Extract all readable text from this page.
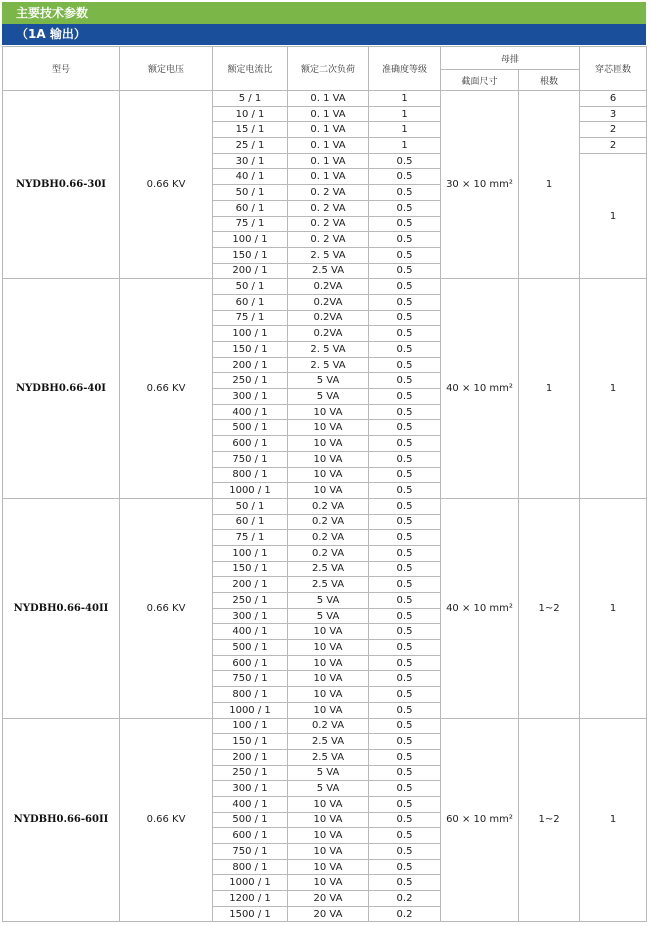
主要技术参数
（1A 输出）
型号	额定电压	额定电流比	额定二次负荷	准确度等级	母排		穿芯匝数
					截面尺寸	根数	
NYDBH0.66-30I	0.66 KV	5 / 1	0. 1 VA	1	30 × 10 mm²	1	6
		10 / 1	0. 1 VA	1			3
		15 / 1	0. 1 VA	1			2
		25 / 1	0. 1 VA	1			2
		30 / 1	0. 1 VA	0.5			1
		40 / 1	0. 1 VA	0.5			
		50 / 1	0. 2 VA	0.5			
		60 / 1	0. 2 VA	0.5			
		75 / 1	0. 2 VA	0.5			
		100 / 1	0. 2 VA	0.5			
		150 / 1	2. 5 VA	0.5			
		200 / 1	2.5 VA	0.5			
NYDBH0.66-40I	0.66 KV	50 / 1	0.2VA	0.5	40 × 10 mm²	1	1
		60 / 1	0.2VA	0.5			
		75 / 1	0.2VA	0.5			
		100 / 1	0.2VA	0.5			
		150 / 1	2. 5 VA	0.5			
		200 / 1	2. 5 VA	0.5			
		250 / 1	5 VA	0.5			
		300 / 1	5 VA	0.5			
		400 / 1	10 VA	0.5			
		500 / 1	10 VA	0.5			
		600 / 1	10 VA	0.5			
		750 / 1	10 VA	0.5			
		800 / 1	10 VA	0.5			
		1000 / 1	10 VA	0.5			
NYDBH0.66-40II	0.66 KV	50 / 1	0.2 VA	0.5	40 × 10 mm²	1~2	1
		60 / 1	0.2 VA	0.5			
		75 / 1	0.2 VA	0.5			
		100 / 1	0.2 VA	0.5			
		150 / 1	2.5 VA	0.5			
		200 / 1	2.5 VA	0.5			
		250 / 1	5 VA	0.5			
		300 / 1	5 VA	0.5			
		400 / 1	10 VA	0.5			
		500 / 1	10 VA	0.5			
		600 / 1	10 VA	0.5			
		750 / 1	10 VA	0.5			
		800 / 1	10 VA	0.5			
		1000 / 1	10 VA	0.5			
NYDBH0.66-60II	0.66 KV	100 / 1	0.2 VA	0.5	60 × 10 mm²	1~2	1
		150 / 1	2.5 VA	0.5			
		200 / 1	2.5 VA	0.5			
		250 / 1	5 VA	0.5			
		300 / 1	5 VA	0.5			
		400 / 1	10 VA	0.5			
		500 / 1	10 VA	0.5			
		600 / 1	10 VA	0.5			
		750 / 1	10 VA	0.5			
		800 / 1	10 VA	0.5			
		1000 / 1	10 VA	0.5			
		1200 / 1	20 VA	0.2			
		1500 / 1	20 VA	0.2			
